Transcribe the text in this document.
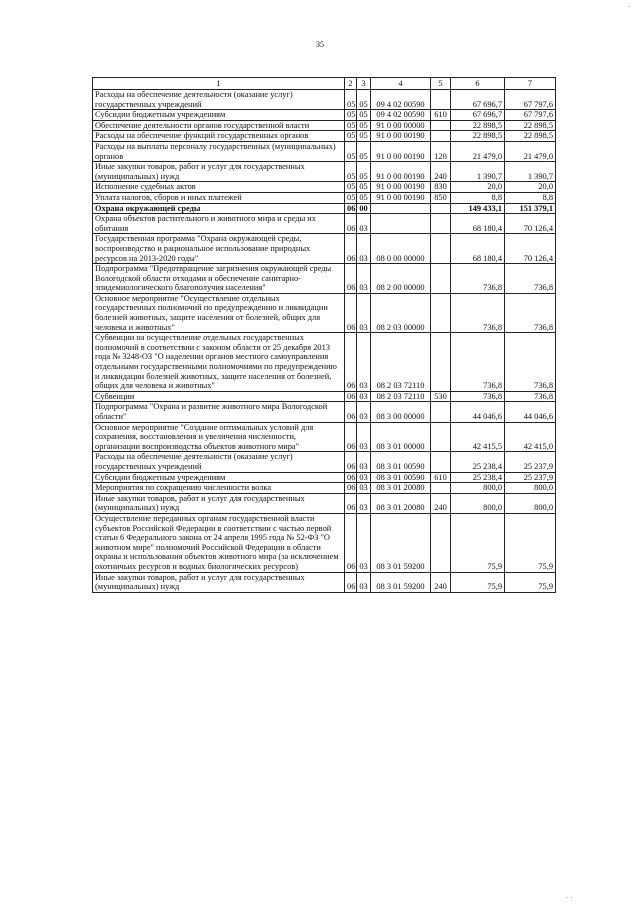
35
1	2	3	4	5	6	7
Расходы на обеспечение деятельности (оказание услуг) государственных учреждений	05	05	09 4 02 00590		67 696,7	67 797,6
Субсидии бюджетным учреждениям	05	05	09 4 02 00590	610	67 696,7	67 797,6
Обеспечение деятельности органов государственной власти	05	05	91 0 00 00000		22 898,5	22 898,5
Расходы на обеспечение функций государственных органов	05	05	91 0 00 00190		22 898,5	22 898,5
Расходы на выплаты персоналу государственных (муниципальных) органов	05	05	91 0 00 00190	120	21 479,0	21 479,0
Иные закупки товаров, работ и услуг для государственных (муниципальных) нужд	05	05	91 0 00 00190	240	1 390,7	1 390,7
Исполнение судебных актов	05	05	91 0 00 00190	830	20,0	20,0
Уплата налогов, сборов и иных платежей	05	05	91 0 00 00190	850	8,8	8,8
Охрана окружающей среды	06	00			149 433,1	151 379,1
Охрана объектов растительного и животного мира и среды их обитания	06	03			68 180,4	70 126,4
Государственная программа "Охрана окружающей среды, воспроизводство и рациональное использование природных ресурсов на 2013-2020 годы"	06	03	08 0 00 00000		68 180,4	70 126,4
Подпрограмма "Предотвращение загрязнения окружающей среды Вологодской области отходами и обеспечение санитарно-эпидемиологического благополучия населения"	06	03	08 2 00 00000		736,8	736,8
Основное мероприятие "Осуществление отдельных государственных полномочий по предупреждению и ликвидации болезней животных, защите населения от болезней, общих для человека и животных"	06	03	08 2 03 00000		736,8	736,8
Субвенции на осуществление отдельных государственных полномочий в соответствии с законом области от 25 декабря 2013 года № 3248-ОЗ "О наделении органов местного самоуправления отдельными государственными полномочиями по предупреждению и ликвидации болезней животных, защите населения от болезней, общих для человека и животных"	06	03	08 2 03 72110		736,8	736,8
Субвенции	06	03	08 2 03 72110	530	736,8	736,8
Подпрограмма "Охрана и развитие животного мира Вологодской области"	06	03	08 3 00 00000		44 046,6	44 046,6
Основное мероприятие "Создание оптимальных условий для сохранения, восстановления и увеличения численности, организации воспроизводства объектов животного мира"	06	03	08 3 01 00000		42 415,5	42 415,0
Расходы на обеспечение деятельности (оказание услуг) государственных учреждений	06	03	08 3 01 00590		25 238,4	25 237,9
Субсидии бюджетным учреждениям	06	03	08 3 01 00590	610	25 238,4	25 237,9
Мероприятия по сокращению численности волка	06	03	08 3 01 20080		800,0	800,0
Иные закупки товаров, работ и услуг для государственных (муниципальных) нужд	06	03	08 3 01 20080	240	800,0	800,0
Осуществление переданных органам государственной власти субъектов Российской Федерации в соответствии с частью первой статьи 6 Федерального закона от 24 апреля 1995 года № 52-ФЗ "О животном мире" полномочий Российской Федерации в области охраны и использования объектов животного мира (за исключением охотничьих ресурсов и водных биологических ресурсов)	06	03	08 3 01 59200		75,9	75,9
Иные закупки товаров, работ и услуг для государственных (муниципальных) нужд	06	03	08 3 01 59200	240	75,9	75,9
·
· ·
